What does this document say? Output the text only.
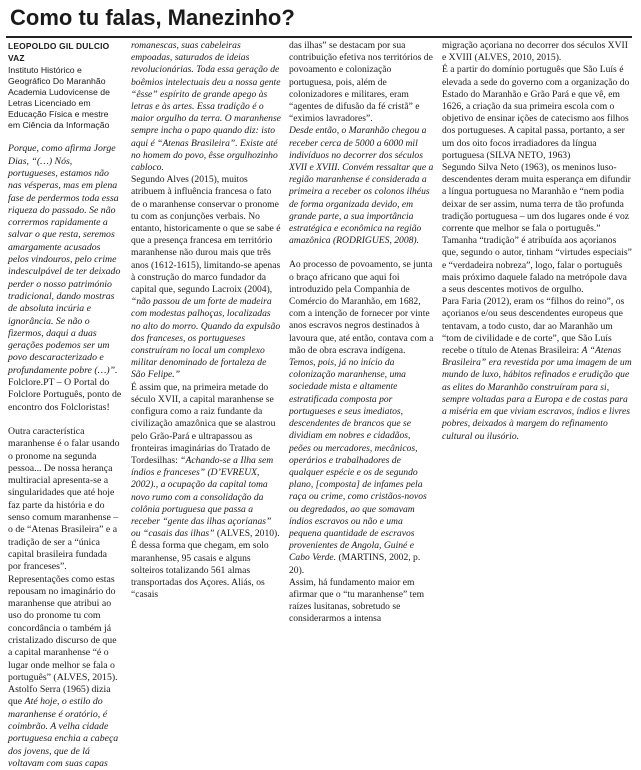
Como tu falas, Manezinho?
LEOPOLDO GIL DULCIO VAZ
Instituto Histórico e Geográfico Do Maranhão Academia Ludovicense de Letras Licenciado em Educação Física e mestre em Ciência da Informação

Porque, como afirma Jorge Dias, “(…) Nós, portugueses, estamos não nas vésperas, mas em plena fase de perdermos toda essa riqueza do passado. Se não corrermos rapidamente a salvar o que resta, seremos amargamente acusados pelos vindouros, pelo crime indesculpável de ter deixado perder o nosso património tradicional, dando mostras de absoluta incúria e ignorância. Se não o fizermos, daqui a duas gerações podemos ser um povo descaracterizado e profundamente pobre (…)”.

Folclore.PT – O Portal do Folclore Português, ponto de encontro dos Folcloristas!

Outra característica maranhense é o falar usando o pronome na segunda pessoa... De nossa herança multiracial apresenta-se a singularidades que até hoje faz parte da história e do senso comum maranhense – o de “Atenas Brasileira” e a tradição de ser a “única capital brasileira fundada por franceses”. Representações como estas repousam no imaginário do maranhense que atribui ao uso do pronome tu com concordância o também já cristalizado discurso de que a capital maranhense “é o lugar onde melhor se fala o português” (ALVES, 2015).

Astolfo Serra (1965) dizia que Até hoje, o estilo do maranhense é oratório, é coimbrão. A velha cidade portuguesa enchia a cabeça dos jovens, que de lá voltavam com suas capas

romanescas, suas cabeleiras empoadas, saturados de ideias revolucionárias. Toda essa geração de boêmios intelectuais deu a nossa gente “êsse” espírito de grande apego às letras e às artes. Essa tradição é o maior orgulho da terra. O maranhense sempre incha o papo quando diz: isto aqui é “Atenas Brasileira”. Existe até no homem do povo, êsse orgulhozinho cabloco.

Segundo Alves (2015), muitos atribuem à influência francesa o fato de o maranhense conservar o pronome tu com as conjunções verbais. No entanto, historicamente o que se sabe é que a presença francesa em território maranhense não durou mais que três anos (1612-1615), limitando-se apenas à construção do marco fundador da capital que, segundo Lacroix (2004), “não passou de um forte de madeira com modestas palhoças, localizadas no alto do morro. Quando da expulsão dos franceses, os portugueses construíram no local um complexo militar denominado de fortaleza de São Felipe.”

É assim que, na primeira metade do século XVII, a capital maranhense se configura como a raiz fundante da civilização amazônica que se alastrou pelo Grão-Pará e ultrapassou as fronteiras imaginárias do Tratado de Tordesilhas: “Achando-se a Ilha sem índios e franceses” (D’EVREUX, 2002)., a ocupação da capital toma novo rumo com a consolidação da colônia portuguesa que passa a receber “gente das ilhas açorianas” ou “casais das ilhas” (ALVES, 2010).

É dessa forma que chegam, em solo maranhense, 95 casais e alguns solteiros totalizando 561 almas transportadas dos Açores. Aliás, os “casais

das ilhas” se destacam por sua contribuição efetiva nos territórios de povoamento e colonização portuguesa, pois, além de colonizadores e militares, eram “agentes de difusão da fé cristã” e “eximios lavradores”.

Desde então, o Maranhão chegou a receber cerca de 5000 a 6000 mil indivíduos no decorrer dos séculos XVII e XVIII. Convém ressaltar que a região maranhense é considerada a primeira a receber os colonos ilhéus de forma organizada devido, em grande parte, a sua importância estratégica e econômica na região amazônica (RODRIGUES, 2008).

Ao processo de povoamento, se junta o braço africano que aqui foi introduzido pela Companhia de Comércio do Maranhão, em 1682, com a intenção de fornecer por vinte anos escravos negros destinados à lavoura que, até então, contava com a mão de obra escrava indígena. Temos, pois, já no início da colonização maranhense, uma sociedade mista e altamente estratificada composta por portugueses e seus imediatos, descendentes de brancos que se dividiam em nobres e cidadãos, peões ou mercadores, mecânicos, operários e trabalhadores de qualquer espécie e os de segundo plano, [composta] de infames pela raça ou crime, como cristãos-novos ou degredados, ao que somavam índios escravos ou não e uma pequena quantidade de escravos provenientes de Angola, Guiné e Cabo Verde. (MARTINS, 2002, p. 20).

Assim, há fundamento maior em afirmar que o “tu maranhense” tem raízes lusitanas, sobretudo se considerarmos a intensa

migração açoriana no decorrer dos séculos XVII e XVIII (ALVES, 2010, 2015).

É a partir do domínio português que São Luís é elevada a sede do governo com a organização do Estado do Maranhão e Grão Pará e que vê, em 1626, a criação da sua primeira escola com o objetivo de ensinar ições de catecismo aos filhos dos portugueses. A capital passa, portanto, a ser um dos oito focos irradiadores da língua portuguesa (SILVA NETO, 1963)

Segundo Silva Neto (1963), os meninos luso-descendentes deram muita esperança em difundir a língua portuguesa no Maranhão e “nem podia deixar de ser assim, numa terra de tão profunda tradição portuguesa – um dos lugares onde é voz corrente que melhor se fala o português.”

Tamanha “tradição” é atribuída aos açorianos que, segundo o autor, tinham “virtudes especiais” e “verdadeira nobreza”, logo, falar o português mais próximo daquele falado na metrópole dava a seus descentes motivos de orgulho.

Para Faria (2012), eram os “filhos do reino”, os açorianos e/ou seus descendentes europeus que tentavam, a todo custo, dar ao Maranhão um “tom de civilidade e de corte”, que São Luís recebe o título de Atenas Brasileira: A “Atenas Brasileira” era revestida por uma imagem de um mundo de luxo, hábitos refinados e erudição que as elites do Maranhão construíram para si, sempre voltadas para a Europa e de costas para a miséria em que viviam escravos, índios e livres pobres, deixados à margem do refinamento cultural ou ilusório.
